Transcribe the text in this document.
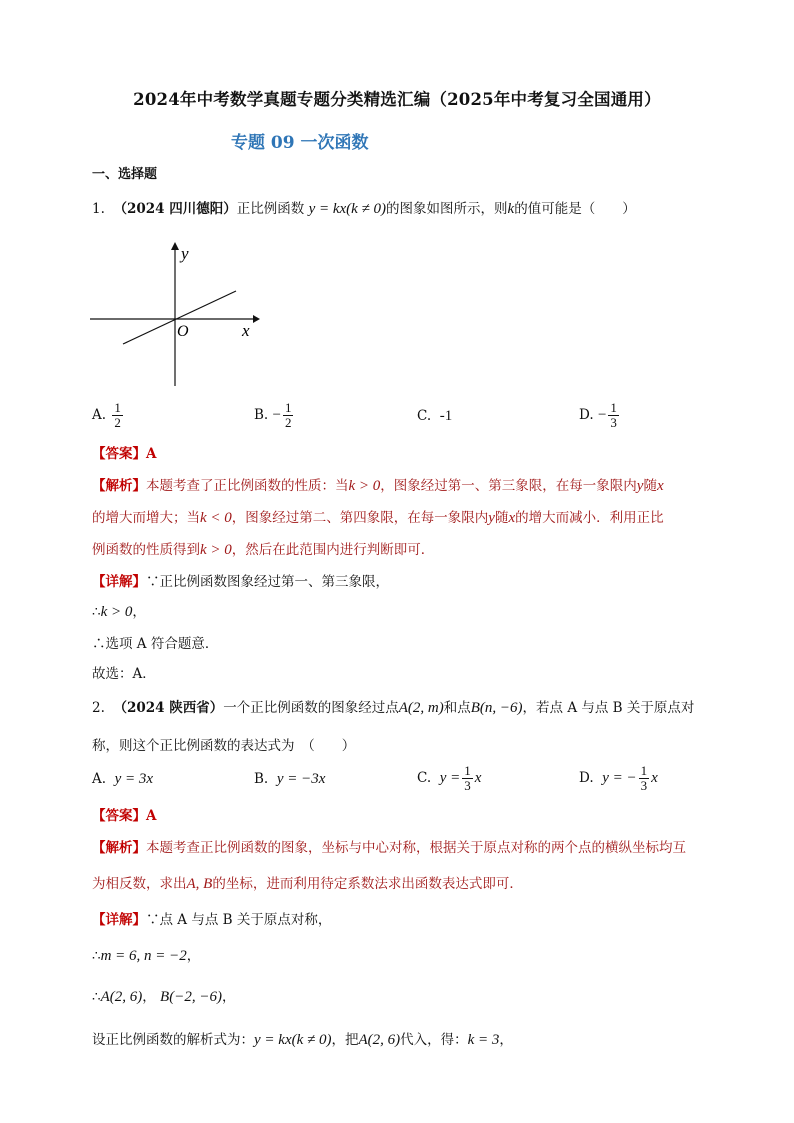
2024年中考数学真题专题分类精选汇编（2025年中考复习全国通用）
专题 09 一次函数
一、选择题
1. （2024 四川德阳）正比例函数 y = kx(k ≠ 0)的图象如图所示，则k的值可能是（　　）
y
x
O
A. $\frac{1}{2}$	B. − $\frac{1}{2}$	C. -1	D. − $\frac{1}{3}$
【答案】A
【解析】本题考查了正比例函数的性质：当k > 0，图象经过第一、第三象限，在每一象限内y随x
的增大而增大；当k < 0，图象经过第二、第四象限，在每一象限内y随x的增大而减小．利用正比
例函数的性质得到k > 0，然后在此范围内进行判断即可．
【详解】∵正比例函数图象经过第一、第三象限，
∴k > 0，
∴选项 A 符合题意．
故选：A．
2. （2024 陕西省）一个正比例函数的图象经过点A(2, m)和点B(n, −6)，若点 A 与点 B 关于原点对
称，则这个正比例函数的表达式为　（　　）
A. y = 3x	B. y = −3x	C. $y = \frac{1}{3}$ x	D. y = − $\frac{1}{3}$ x
【答案】A
【解析】本题考查正比例函数的图象，坐标与中心对称，根据关于原点对称的两个点的横纵坐标均互
为相反数，求出A, B的坐标，进而利用待定系数法求出函数表达式即可．
【详解】∵点 A 与点 B 关于原点对称，
∴m = 6, n = −2，
∴A(2, 6)， B(−2, −6)，
设正比例函数的解析式为：y = kx(k ≠ 0)，把A(2, 6)代入，得：k = 3，
